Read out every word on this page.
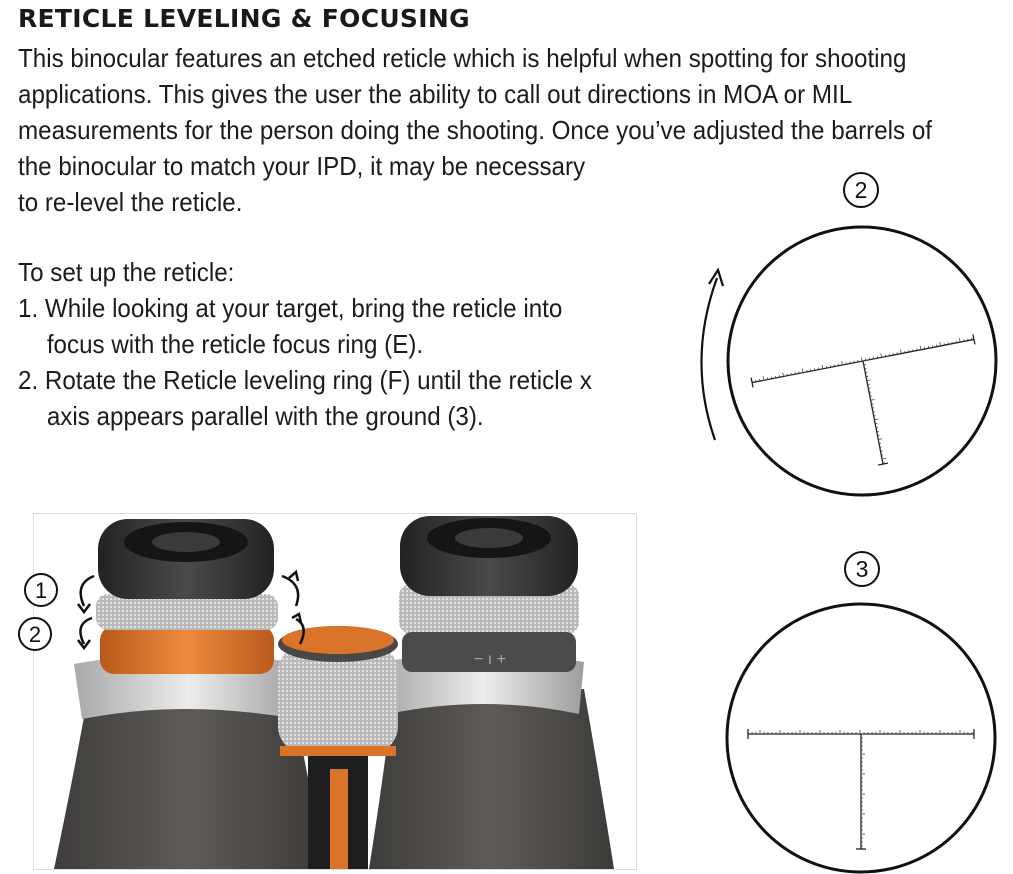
RETICLE LEVELING & FOCUSING

This binocular features an etched reticle which is helpful when spotting for shooting
applications. This gives the user the ability to call out directions in MOA or MIL
measurements for the person doing the shooting. Once you’ve adjusted the barrels of
the binocular to match your IPD, it may be necessary
to re-level the reticle.

To set up the reticle:
1. While looking at your target, bring the reticle into
focus with the reticle focus ring (E).
2. Rotate the Reticle leveling ring (F) until the reticle x
axis appears parallel with the ground (3).
− ı +
1
2
2
3
